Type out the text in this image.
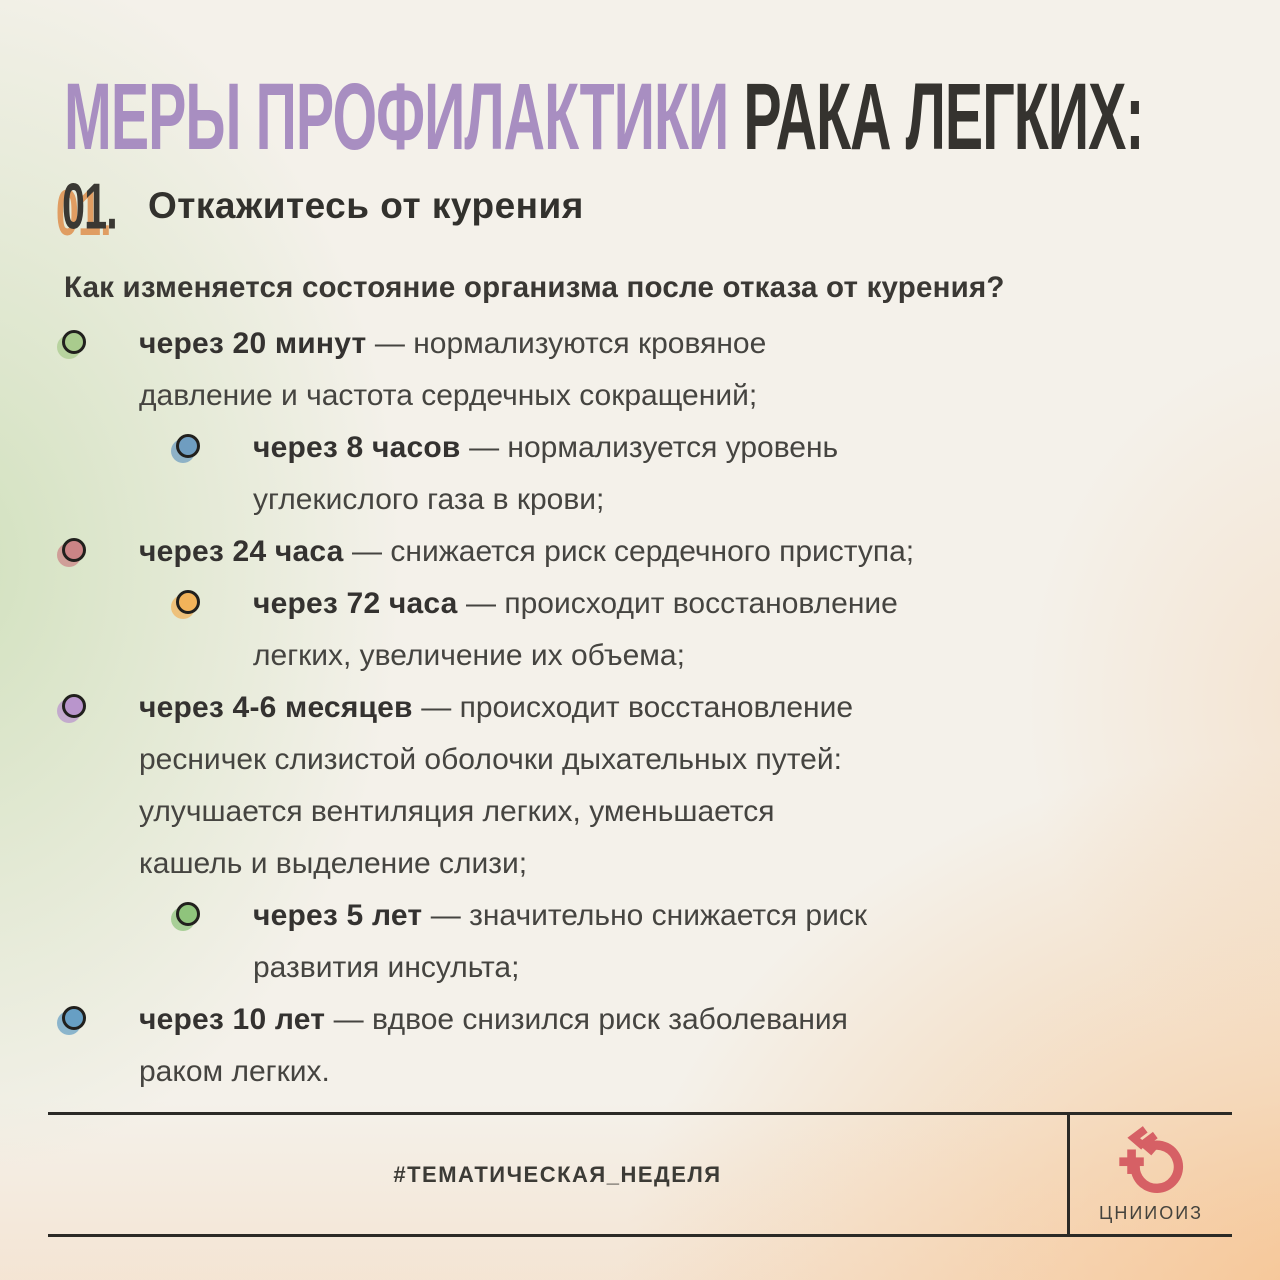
МЕРЫ ПРОФИЛАКТИКИ РАКА ЛЕГКИХ:
01. Откажитесь от курения
Как изменяется состояние организма после отказа от курения?
через 20 минут — нормализуются кровяное
давление и частота сердечных сокращений;
через 8 часов — нормализуется уровень
углекислого газа в крови;
через 24 часа — снижается риск сердечного приступа;
через 72 часа — происходит восстановление
легких, увеличение их объема;
через 4-6 месяцев — происходит восстановление
ресничек слизистой оболочки дыхательных путей:
улучшается вентиляция легких, уменьшается
кашель и выделение слизи;
через 5 лет — значительно снижается риск
развития инсульта;
через 10 лет — вдвое снизился риск заболевания
раком легких.
#ТЕМАТИЧЕСКАЯ_НЕДЕЛЯ
ЦНИИОИЗ
